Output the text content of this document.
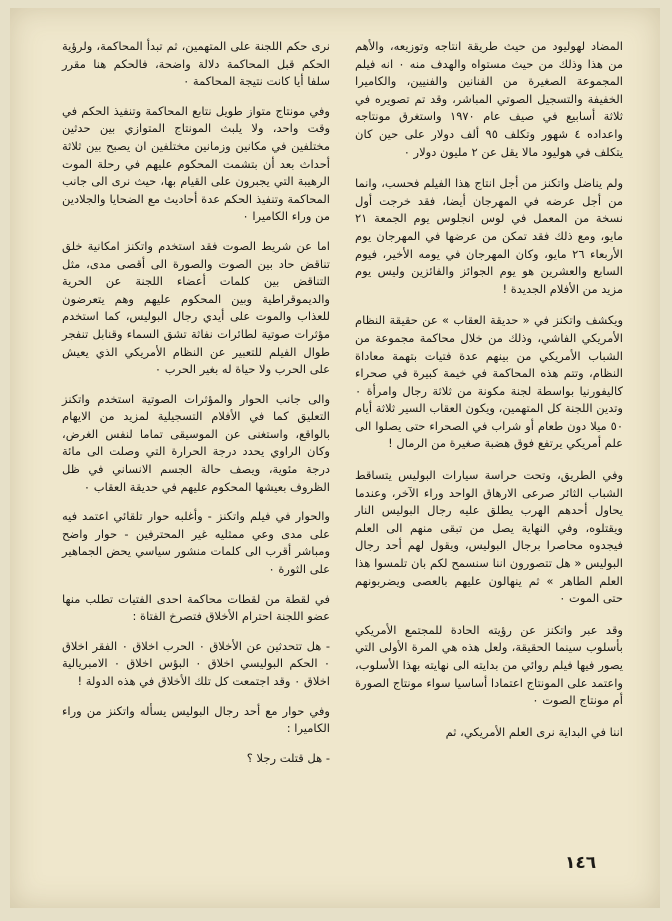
المضاد لهوليود من حيث طريقة انتاجه وتوزيعه، والأهم من هذا وذلك من حيث مستواه والهدف منه ٠ انه فيلم المجموعة الصغيرة من الفنانين والفنيين، والكاميرا الخفيفة والتسجيل الصوتي المباشر، وقد تم تصويره في ثلاثة أسابيع في صيف عام ١٩٧٠ واستغرق مونتاجه واعداده ٤ شهور وتكلف ٩٥ ألف دولار على حين كان يتكلف في هوليود مالا يقل عن ٢ مليون دولار ٠

ولم يناضل واتكنز من أجل انتاج هذا الفيلم فحسب، وانما من أجل عرضه في المهرجان أيضا، فقد خرجت أول نسخة من المعمل في لوس انجلوس يوم الجمعة ٢١ مايو، ومع ذلك فقد تمكن من عرضها في المهرجان يوم الأربعاء ٢٦ مايو، وكان المهرجان في يومه الأخير، فيوم السابع والعشرين هو يوم الجوائز والفائزين وليس يوم مزيد من الأفلام الجديدة !

ويكشف واتكنز في « حديقة العقاب » عن حقيقة النظام الأمريكي الفاشي، وذلك من خلال محاكمة مجموعة من الشباب الأمريكي من بينهم عدة فتيات بتهمة معاداة النظام، وتتم هذه المحاكمة في خيمة كبيرة في صحراء كاليفورنيا بواسطة لجنة مكونة من ثلاثة رجال وامرأة ٠ وتدين اللجنة كل المتهمين، ويكون العقاب السير ثلاثة أيام ٥٠ ميلا دون طعام أو شراب في الصحراء حتى يصلوا الى علم أمريكي يرتفع فوق هضبة صغيرة من الرمال !

وفي الطريق، وتحت حراسة سيارات البوليس يتساقط الشباب الثائر صرعى الارهاق الواحد وراء الآخر، وعندما يحاول أحدهم الهرب يطلق عليه رجال البوليس النار ويقتلوه، وفي النهاية يصل من تبقى منهم الى العلم فيجدوه محاصرا برجال البوليس، ويقول لهم أحد رجال البوليس « هل تتصورون اننا سنسمح لكم بان تلمسوا هذا العلم الطاهر » ثم ينهالون عليهم بالعصى ويضربونهم حتى الموت ٠

وقد عبر واتكنز عن رؤيته الحادة للمجتمع الأمريكي بأسلوب سينما الحقيقة، ولعل هذه هي المرة الأولى التي يصور فيها فيلم روائي من بدايته الى نهايته بهذا الأسلوب، واعتمد على المونتاج اعتمادا أساسيا سواء مونتاج الصورة أم مونتاج الصوت ٠

اننا في البداية نرى العلم الأمريكي، ثم

نرى حكم اللجنة على المتهمين، ثم تبدأ المحاكمة، ولرؤية الحكم قبل المحاكمة دلالة واضحة، فالحكم هنا مقرر سلفا أيا كانت نتيجة المحاكمة ٠

وفي مونتاج متواز طويل نتابع المحاكمة وتنفيذ الحكم في وقت واحد، ولا يلبث المونتاج المتوازي بين حدثين مختلفين في مكانين وزمانين مختلفين ان يصبح بين ثلاثة أحداث بعد أن بتشمت المحكوم عليهم في رحلة الموت الرهيبة التي يجبرون على القيام بها، حيث نرى الى جانب المحاكمة وتنفيذ الحكم عدة أحاديث مع الضحايا والجلادين من وراء الكاميرا ٠

اما عن شريط الصوت فقد استخدم واتكنز امكانية خلق تناقض حاد بين الصوت والصورة الى أقصى مدى، مثل التناقض بين كلمات أعضاء اللجنة عن الحرية والديموقراطية وبين المحكوم عليهم وهم يتعرضون للعذاب والموت على أيدي رجال البوليس، كما استخدم مؤثرات صوتية لطائرات نفاثة تشق السماء وقنابل تنفجر طوال الفيلم للتعبير عن النظام الأمريكي الذي يعيش على الحرب ولا حياة له بغير الحرب ٠

والى جانب الحوار والمؤثرات الصوتية استخدم واتكنز التعليق كما في الأفلام التسجيلية لمزيد من الايهام بالواقع، واستغنى عن الموسيقى تماما لنفس الغرض، وكان الراوي يحدد درجة الحرارة التي وصلت الى مائة درجة مئوية، ويصف حالة الجسم الانساني في ظل الظروف بعيشها المحكوم عليهم في حديقة العقاب ٠

والحوار في فيلم واتكنز - وأغلبه حوار تلقائي اعتمد فيه على مدى وعي ممثليه غير المحترفين - حوار واضح ومباشر أقرب الى كلمات منشور سياسي يحض الجماهير على الثورة ٠

في لقطة من لقطات محاكمة احدى الفتيات تطلب منها عضو اللجنة احترام الأخلاق فتصرخ الفتاة :

- هل تتحدثين عن الأخلاق ٠ الحرب اخلاق ٠ الفقر اخلاق ٠ الحكم البوليسي اخلاق ٠ البؤس اخلاق ٠ الامبريالية اخلاق ٠ وقد اجتمعت كل تلك الأخلاق في هذه الدولة !

وفي حوار مع أحد رجال البوليس يسأله واتكنز من وراء الكاميرا :

- هل قتلت رجلا ؟

١٤٦
